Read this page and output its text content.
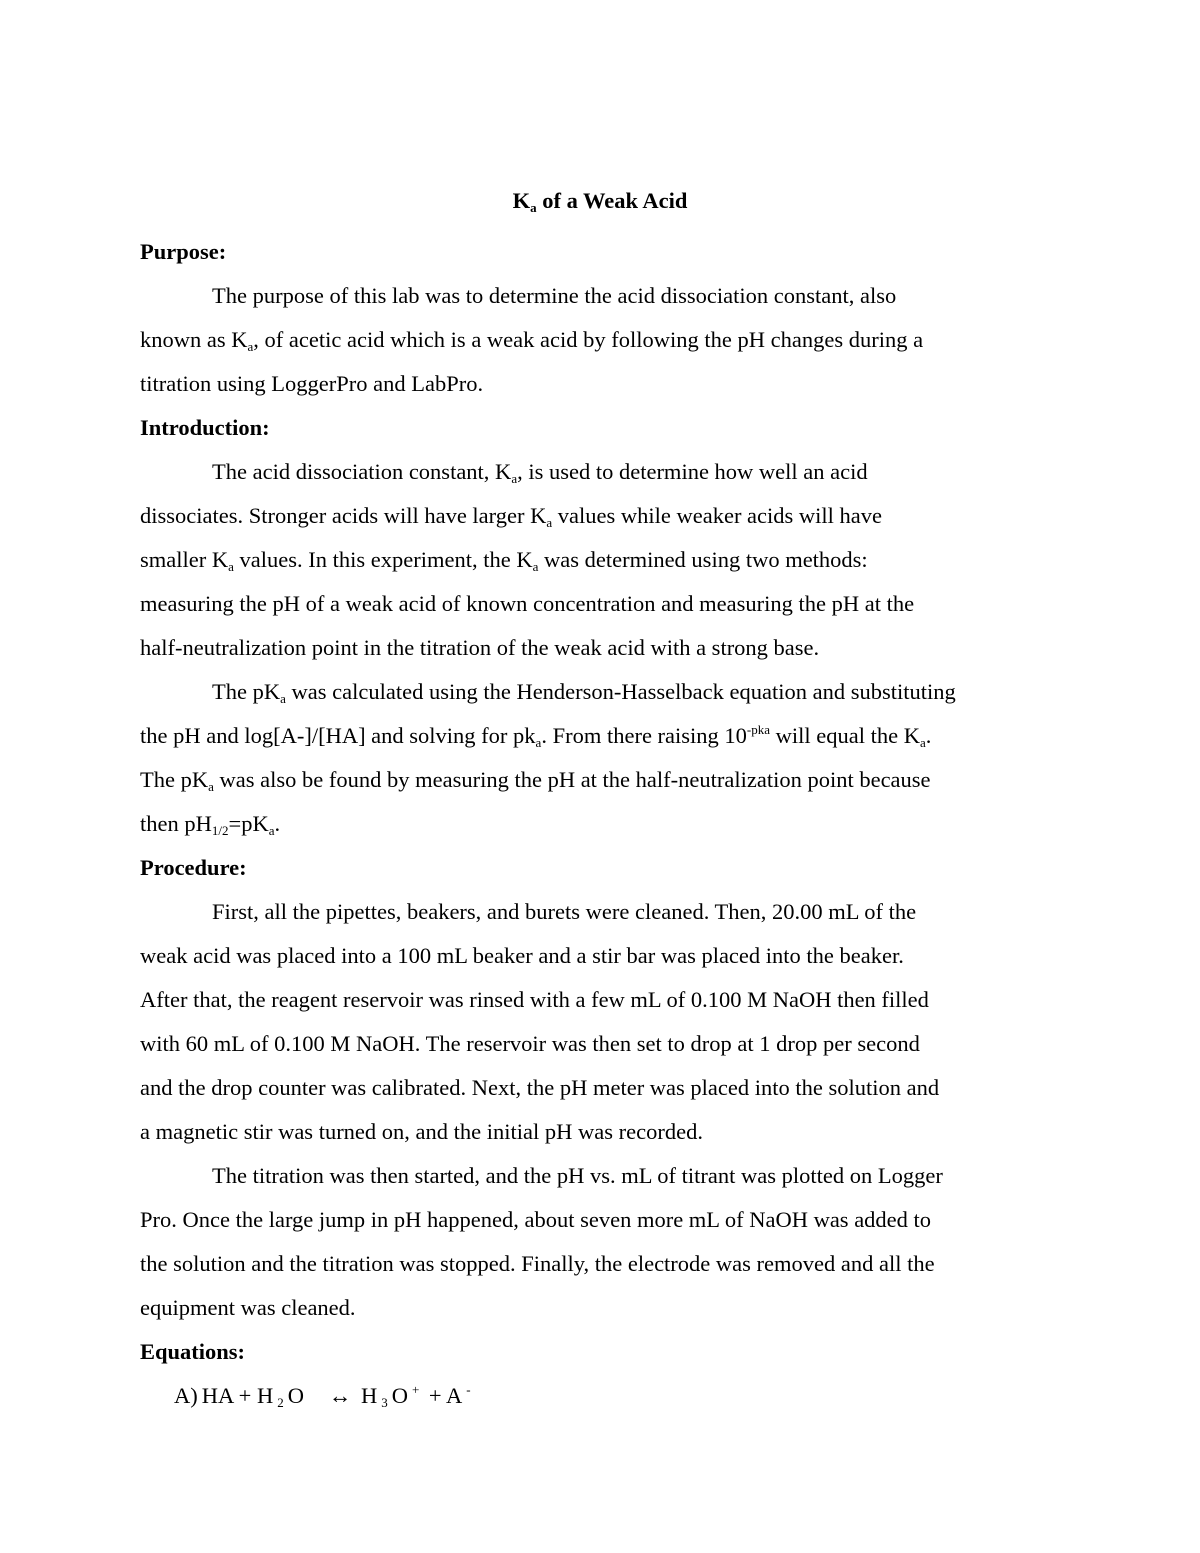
$K_a$ of a Weak Acid
Purpose:

The purpose of this lab was to determine the acid dissociation constant, also
known as $K_a$, of acetic acid which is a weak acid by following the pH changes during a
titration using LoggerPro and LabPro.

Introduction:

The acid dissociation constant, $K_a$, is used to determine how well an acid
dissociates. Stronger acids will have larger $K_a$ values while weaker acids will have
smaller $K_a$ values. In this experiment, the $K_a$ was determined using two methods:
measuring the pH of a weak acid of known concentration and measuring the pH at the
half-neutralization point in the titration of the weak acid with a strong base.

The $pK_a$ was calculated using the Henderson-Hasselback equation and substituting
the pH and log[A-]/[HA] and solving for $pk_a$. From there raising $10^{-pka}$ will equal the $K_a$.
The $pK_a$ was also be found by measuring the pH at the half-neutralization point because
then $pH_{1/2}=pK_a$.

Procedure:

First, all the pipettes, beakers, and burets were cleaned. Then, 20.00 mL of the
weak acid was placed into a 100 mL beaker and a stir bar was placed into the beaker.
After that, the reagent reservoir was rinsed with a few mL of 0.100 M NaOH then filled
with 60 mL of 0.100 M NaOH. The reservoir was then set to drop at 1 drop per second
and the drop counter was calibrated. Next, the pH meter was placed into the solution and
a magnetic stir was turned on, and the initial pH was recorded.

The titration was then started, and the pH vs. mL of titrant was plotted on Logger
Pro. Once the large jump in pH happened, about seven more mL of NaOH was added to
the solution and the titration was stopped. Finally, the electrode was removed and all the
equipment was cleaned.

Equations:

A) HA + H $_2$ O ↔ H $_3$ O + + A -
